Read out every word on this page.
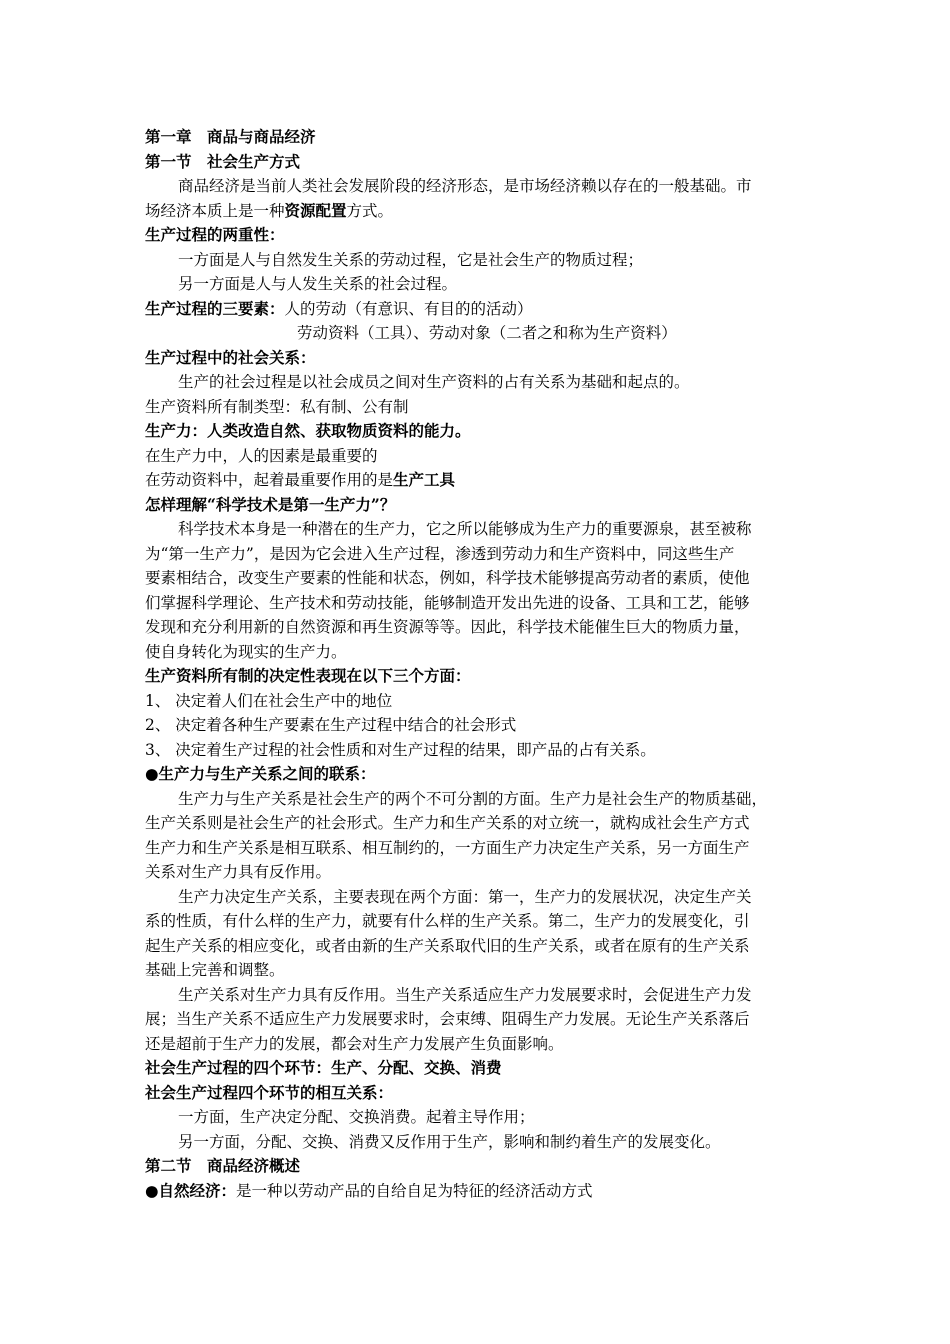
第一章　商品与商品经济
第一节　社会生产方式
商品经济是当前人类社会发展阶段的经济形态，是市场经济赖以存在的一般基础。市
场经济本质上是一种资源配置方式。
生产过程的两重性：
一方面是人与自然发生关系的劳动过程，它是社会生产的物质过程；
另一方面是人与人发生关系的社会过程。
生产过程的三要素：人的劳动（有意识、有目的的活动）
劳动资料（工具）、劳动对象（二者之和称为生产资料）
生产过程中的社会关系：
生产的社会过程是以社会成员之间对生产资料的占有关系为基础和起点的。
生产资料所有制类型：私有制、公有制
生产力：人类改造自然、获取物质资料的能力。
在生产力中，人的因素是最重要的
在劳动资料中，起着最重要作用的是生产工具
怎样理解“科学技术是第一生产力”？
科学技术本身是一种潜在的生产力，它之所以能够成为生产力的重要源泉，甚至被称
为“第一生产力”，是因为它会进入生产过程，渗透到劳动力和生产资料中，同这些生产
要素相结合，改变生产要素的性能和状态，例如，科学技术能够提高劳动者的素质，使他
们掌握科学理论、生产技术和劳动技能，能够制造开发出先进的设备、工具和工艺，能够
发现和充分利用新的自然资源和再生资源等等。因此，科学技术能催生巨大的物质力量，
使自身转化为现实的生产力。
生产资料所有制的决定性表现在以下三个方面：
1、 决定着人们在社会生产中的地位
2、 决定着各种生产要素在生产过程中结合的社会形式
3、 决定着生产过程的社会性质和对生产过程的结果，即产品的占有关系。
●生产力与生产关系之间的联系：
生产力与生产关系是社会生产的两个不可分割的方面。生产力是社会生产的物质基础，
生产关系则是社会生产的社会形式。生产力和生产关系的对立统一，就构成社会生产方式
生产力和生产关系是相互联系、相互制约的，一方面生产力决定生产关系，另一方面生产
关系对生产力具有反作用。
生产力决定生产关系，主要表现在两个方面：第一，生产力的发展状况，决定生产关
系的性质，有什么样的生产力，就要有什么样的生产关系。第二，生产力的发展变化，引
起生产关系的相应变化，或者由新的生产关系取代旧的生产关系，或者在原有的生产关系
基础上完善和调整。
生产关系对生产力具有反作用。当生产关系适应生产力发展要求时，会促进生产力发
展；当生产关系不适应生产力发展要求时，会束缚、阻碍生产力发展。无论生产关系落后
还是超前于生产力的发展，都会对生产力发展产生负面影响。
社会生产过程的四个环节：生产、分配、交换、消费
社会生产过程四个环节的相互关系：
一方面，生产决定分配、交换消费。起着主导作用；
另一方面，分配、交换、消费又反作用于生产，影响和制约着生产的发展变化。
第二节　商品经济概述
●自然经济：是一种以劳动产品的自给自足为特征的经济活动方式
